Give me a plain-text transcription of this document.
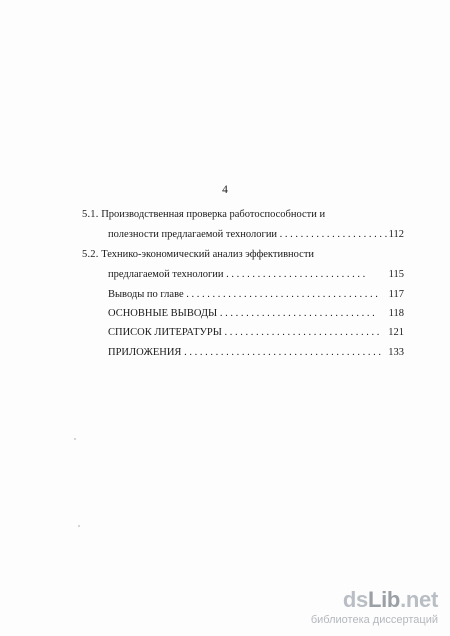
4
5.1. Производственная проверка работоспособности и
полезности предлагаемой технологии . . . . . . . . . . . . . . . . . . . . . 112
5.2. Технико-экономический анализ эффективности
предлагаемой технологии . . . . . . . . . . . . . . . . . . . . . . . . . . . 115
Выводы по главе . . . . . . . . . . . . . . . . . . . . . . . . . . . . . . . . . . . . . 117
ОСНОВНЫЕ ВЫВОДЫ . . . . . . . . . . . . . . . . . . . . . . . . . . . . . . 118
СПИСОК ЛИТЕРАТУРЫ . . . . . . . . . . . . . . . . . . . . . . . . . . . . . . 121
ПРИЛОЖЕНИЯ . . . . . . . . . . . . . . . . . . . . . . . . . . . . . . . . . . . . . . 133
dsLib.net
библиотека диссертаций
